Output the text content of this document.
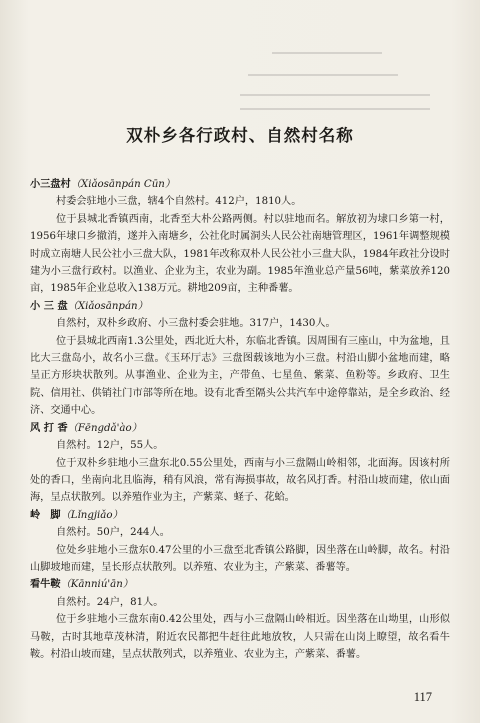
双朴乡各行政村、自然村名称

小三盘村（Xiǎosānpán Cūn）

村委会驻地小三盘，辖4个自然村。412户，1810人。

位于县城北香镇西南，北香至大朴公路两侧。村以驻地而名。解放初为埭口乡第一村，1956年埭口乡撤消，遂并入南塘乡，公社化时属洞头人民公社南塘管理区，1961年调整规模时成立南塘人民公社小三盘大队，1981年改称双朴人民公社小三盘大队，1984年政社分设时建为小三盘行政村。以渔业、企业为主，农业为副。1985年渔业总产量56吨，紫菜放养120亩，1985年企业总收入138万元。耕地209亩，主种番薯。

小 三 盘（Xiǎosānpán）

自然村，双朴乡政府、小三盘村委会驻地。317户，1430人。

位于县城北西南1.3公里处，西北近大朴，东临北香镇。因周围有三座山，中为盆地，且比大三盘岛小，故名小三盘。《玉环厅志》三盘图载该地为小三盘。村沿山脚小盆地而建，略呈正方形块状散列。从事渔业、企业为主，产带鱼、七星鱼、紫菜、鱼粉等。乡政府、卫生院、信用社、供销社门市部等所在地。设有北香至隔头公共汽车中途停靠站，是全乡政治、经济、交通中心。

风 打 香（Fēngdǎ'ào）

自然村。12户，55人。

位于双朴乡驻地小三盘东北0.55公里处，西南与小三盘隔山岭相邻，北面海。因该村所处的香口，坐南向北且临海，稍有风浪，常有海损事故，故名风打香。村沿山坡而建，依山面海，呈点状散列。以养殖作业为主，产紫菜、蛏子、花蛤。

岭　脚（Lǐngjiǎo）

自然村。50户，244人。

位处乡驻地小三盘东0.47公里的小三盘至北香镇公路脚，因坐落在山岭脚，故名。村沿山脚坡地而建，呈长形点状散列。以养殖、农业为主，产紫菜、番薯等。

看牛鞍（Kānniú'ān）

自然村。24户，81人。

位于乡驻地小三盘东南0.42公里处，西与小三盘隔山岭相近。因坐落在山坳里，山形似马鞍，古时其地草茂林清，附近农民都把牛赶往此地放牧，人只需在山岗上瞭望，故名看牛鞍。村沿山坡而建，呈点状散列式，以养殖业、农业为主，产紫菜、番薯。

117
